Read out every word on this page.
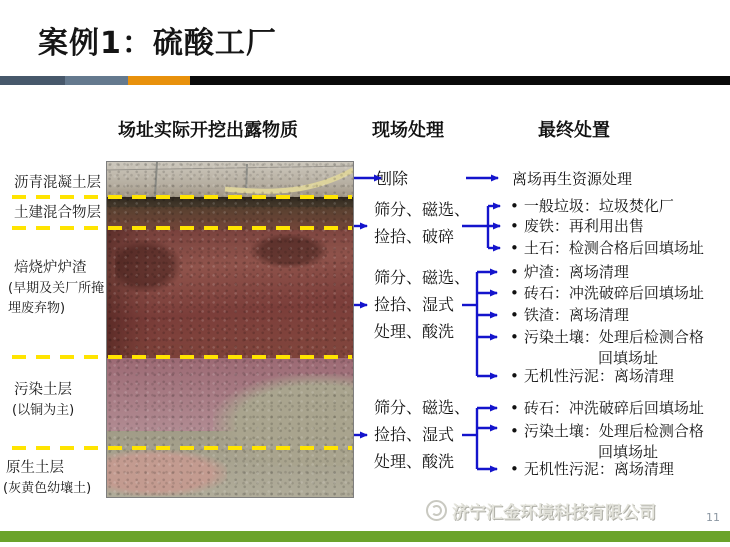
案例1：硫酸工厂
场址实际开挖出露物质	现场处理	最终处置
沥青混凝土层
土建混合物层
焙烧炉炉渣
(早期及关厂所掩埋废弃物)
污染土层
(以铜为主)
原生土层
(灰黄色幼壤土)
刨除
筛分、磁选、
捡拾、破碎
筛分、磁选、
捡拾、湿式
处理、酸洗
筛分、磁选、
捡拾、湿式
处理、酸洗
离场再生资源处理
• 一般垃圾：垃圾焚化厂
• 废铁：再利用出售
• 土石：检测合格后回填场址
• 炉渣：离场清理
• 砖石：冲洗破碎后回填场址
• 铁渣：离场清理
• 污染土壤：处理后检测合格
回填场址
• 无机性污泥：离场清理
• 砖石：冲洗破碎后回填场址
• 污染土壤：处理后检测合格
回填场址
• 无机性污泥：离场清理
济宁汇金环境科技有限公司	11
